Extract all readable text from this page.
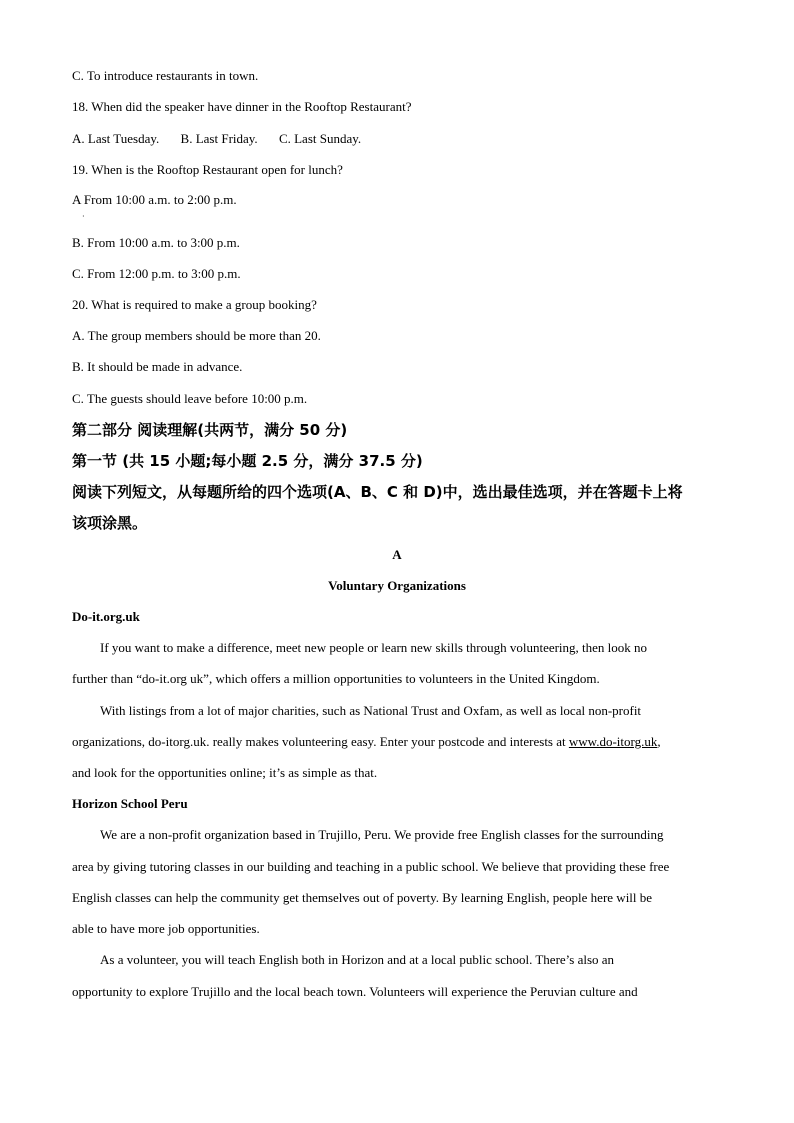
C. To introduce restaurants in town.
18. When did the speaker have dinner in the Rooftop Restaurant?
A. Last Tuesday. B. Last Friday. C. Last Sunday.
19. When is the Rooftop Restaurant open for lunch?
A From 10:00 a.m. to 2:00 p.m.
·
B. From 10:00 a.m. to 3:00 p.m.
C. From 12:00 p.m. to 3:00 p.m.
20. What is required to make a group booking?
A. The group members should be more than 20.
B. It should be made in advance.
C. The guests should leave before 10:00 p.m.
第二部分 阅读理解(共两节，满分 50 分)
第一节 (共 15 小题;每小题 2.5 分，满分 37.5 分)
阅读下列短文，从每题所给的四个选项(A、B、C 和 D)中，选出最佳选项，并在答题卡上将
该项涂黑。
A
Voluntary Organizations
Do-it.org.uk
If you want to make a difference, meet new people or learn new skills through volunteering, then look no
further than “do-it.org uk”, which offers a million opportunities to volunteers in the United Kingdom.
With listings from a lot of major charities, such as National Trust and Oxfam, as well as local non-profit
organizations, do-itorg.uk. really makes volunteering easy. Enter your postcode and interests at www.do-itorg.uk,
and look for the opportunities online; it’s as simple as that.
Horizon School Peru
We are a non-profit organization based in Trujillo, Peru. We provide free English classes for the surrounding
area by giving tutoring classes in our building and teaching in a public school. We believe that providing these free
English classes can help the community get themselves out of poverty. By learning English, people here will be
able to have more job opportunities.
As a volunteer, you will teach English both in Horizon and at a local public school. There’s also an
opportunity to explore Trujillo and the local beach town. Volunteers will experience the Peruvian culture and
